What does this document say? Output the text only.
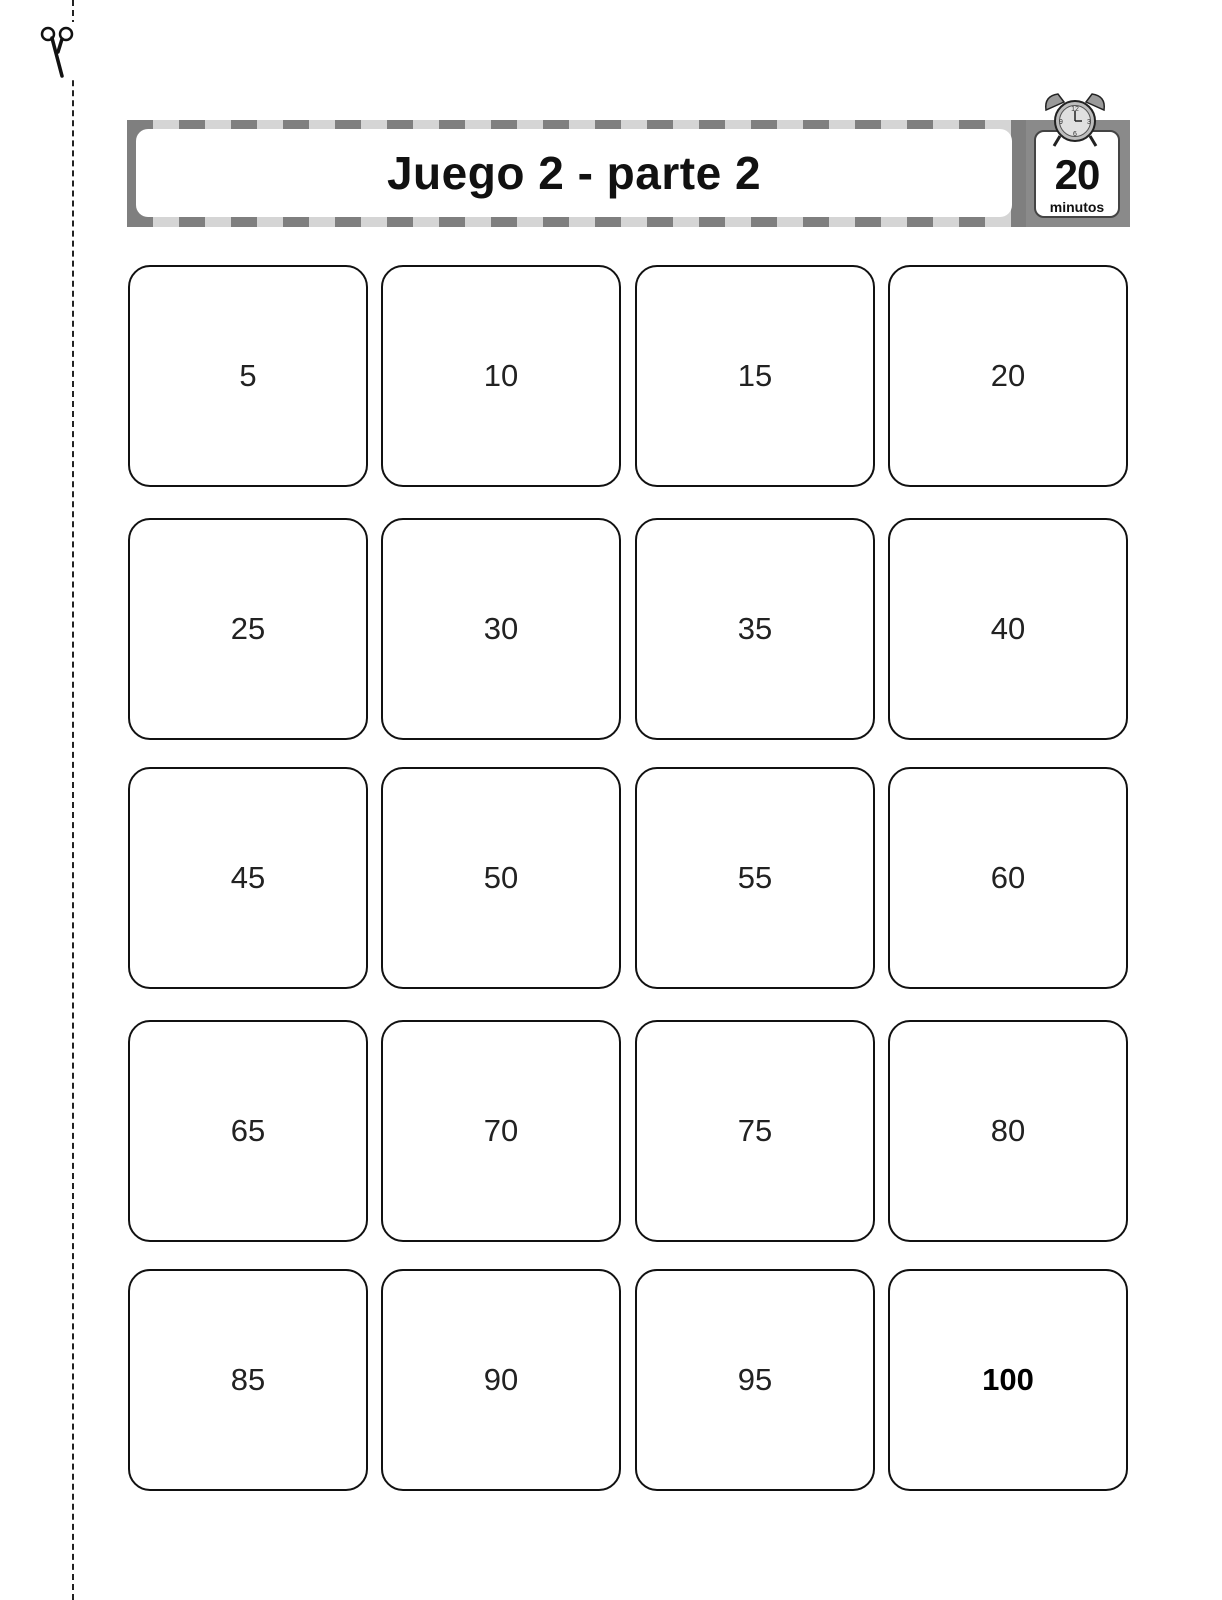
Juego 2 - parte 2	20
minutos
12
3
6
9
5	10	15	20
25	30	35	40
45	50	55	60
65	70	75	80
85	90	95	100
